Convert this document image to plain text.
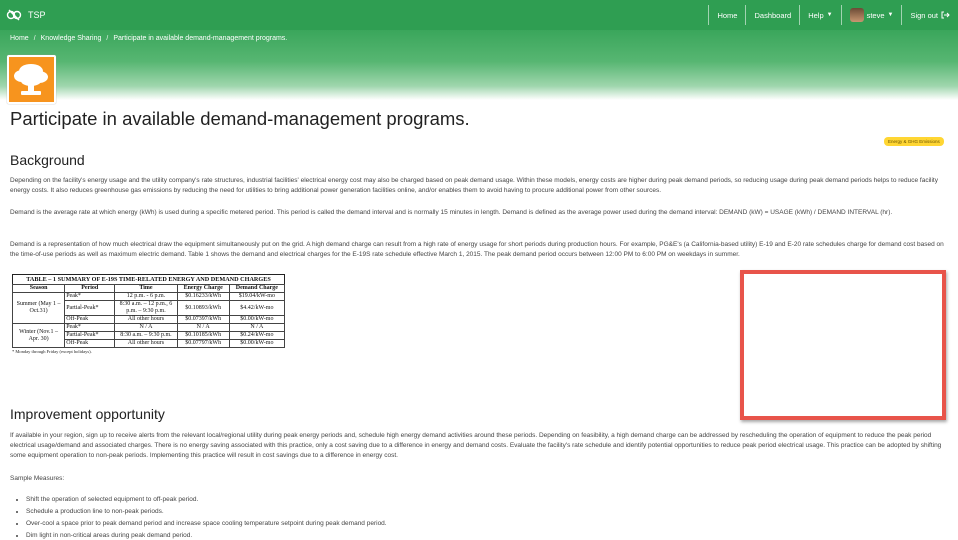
TSP	Home Dashboard Help ▼	steve ▼ Sign out
Home / Knowledge Sharing / Participate in available demand-management programs.
Participate in available demand-management programs.
Energy & GHG Emissions
Background

Depending on the facility's energy usage and the utility company's rate structures, industrial facilities' electrical energy cost may also be charged based on peak demand usage. Within these models, energy costs are higher during peak demand periods, so reducing usage during peak demand periods helps to reduce facility energy costs. It also reduces greenhouse gas emissions by reducing the need for utilities to bring additional power generation facilities online, and/or enables them to avoid having to procure additional power from other sources.

Demand is the average rate at which energy (kWh) is used during a specific metered period. This period is called the demand interval and is normally 15 minutes in length. Demand is defined as the average power used during the demand interval: DEMAND (kW) = USAGE (kWh) / DEMAND INTERVAL (hr).

Demand is a representation of how much electrical draw the equipment simultaneously put on the grid. A high demand charge can result from a high rate of energy usage for short periods during production hours. For example, PG&E's (a California-based utility) E-19 and E-20 rate schedules charge for demand cost based on the time-of-use periods as well as maximum electric demand. Table 1 shows the demand and electrical charges for the E-19S rate schedule effective March 1, 2015. The peak demand period occurs between 12:00 PM to 6:00 PM on weekdays in summer.

TABLE – 1 SUMMARY OF E-19S TIME-RELATED ENERGY AND DEMAND CHARGES
Season	Period	Time	Energy Charge	Demand Charge
Summer (May 1 – Oct.31)	Peak*	12 p.m. - 6 p.m.	$0.16233/kWh	$19.04/kW-mo
	Partial-Peak*	8:30 a.m. – 12 p.m., 6 p.m. – 9:30 p.m.	$0.10893/kWh	$4.42/kW-mo
	Off-Peak	All other hours	$0.07397/kWh	$0.00/kW-mo
Winter (Nov.1 – Apr. 30)	Peak*	N / A	N / A	N / A
	Partial-Peak*	8:30 a.m. – 9:30 p.m.	$0.10185/kWh	$0.24/kW-mo
	Off-Peak	All other hours	$0.07797/kWh	$0.00/kW-mo
* Monday through Friday (except holidays).
Improvement opportunity

If available in your region, sign up to receive alerts from the relevant local/regional utility during peak energy periods and, schedule high energy demand activities around these periods. Depending on feasibility, a high demand charge can be addressed by rescheduling the operation of equipment to reduce the peak period electrical usage/demand and associated charges. There is no energy saving associated with this practice, only a cost saving due to a difference in energy and demand costs. Evaluate the facility's rate schedule and identify potential opportunities to reduce peak period electrical usage. This practice can be adopted by shifting some equipment operation to non-peak periods. Implementing this practice will result in cost savings due to a difference in energy cost.

Sample Measures:

• Shift the operation of selected equipment to off-peak period.
• Schedule a production line to non-peak periods.
• Over-cool a space prior to peak demand period and increase space cooling temperature setpoint during peak demand period.
• Dim light in non-critical areas during peak demand period.
